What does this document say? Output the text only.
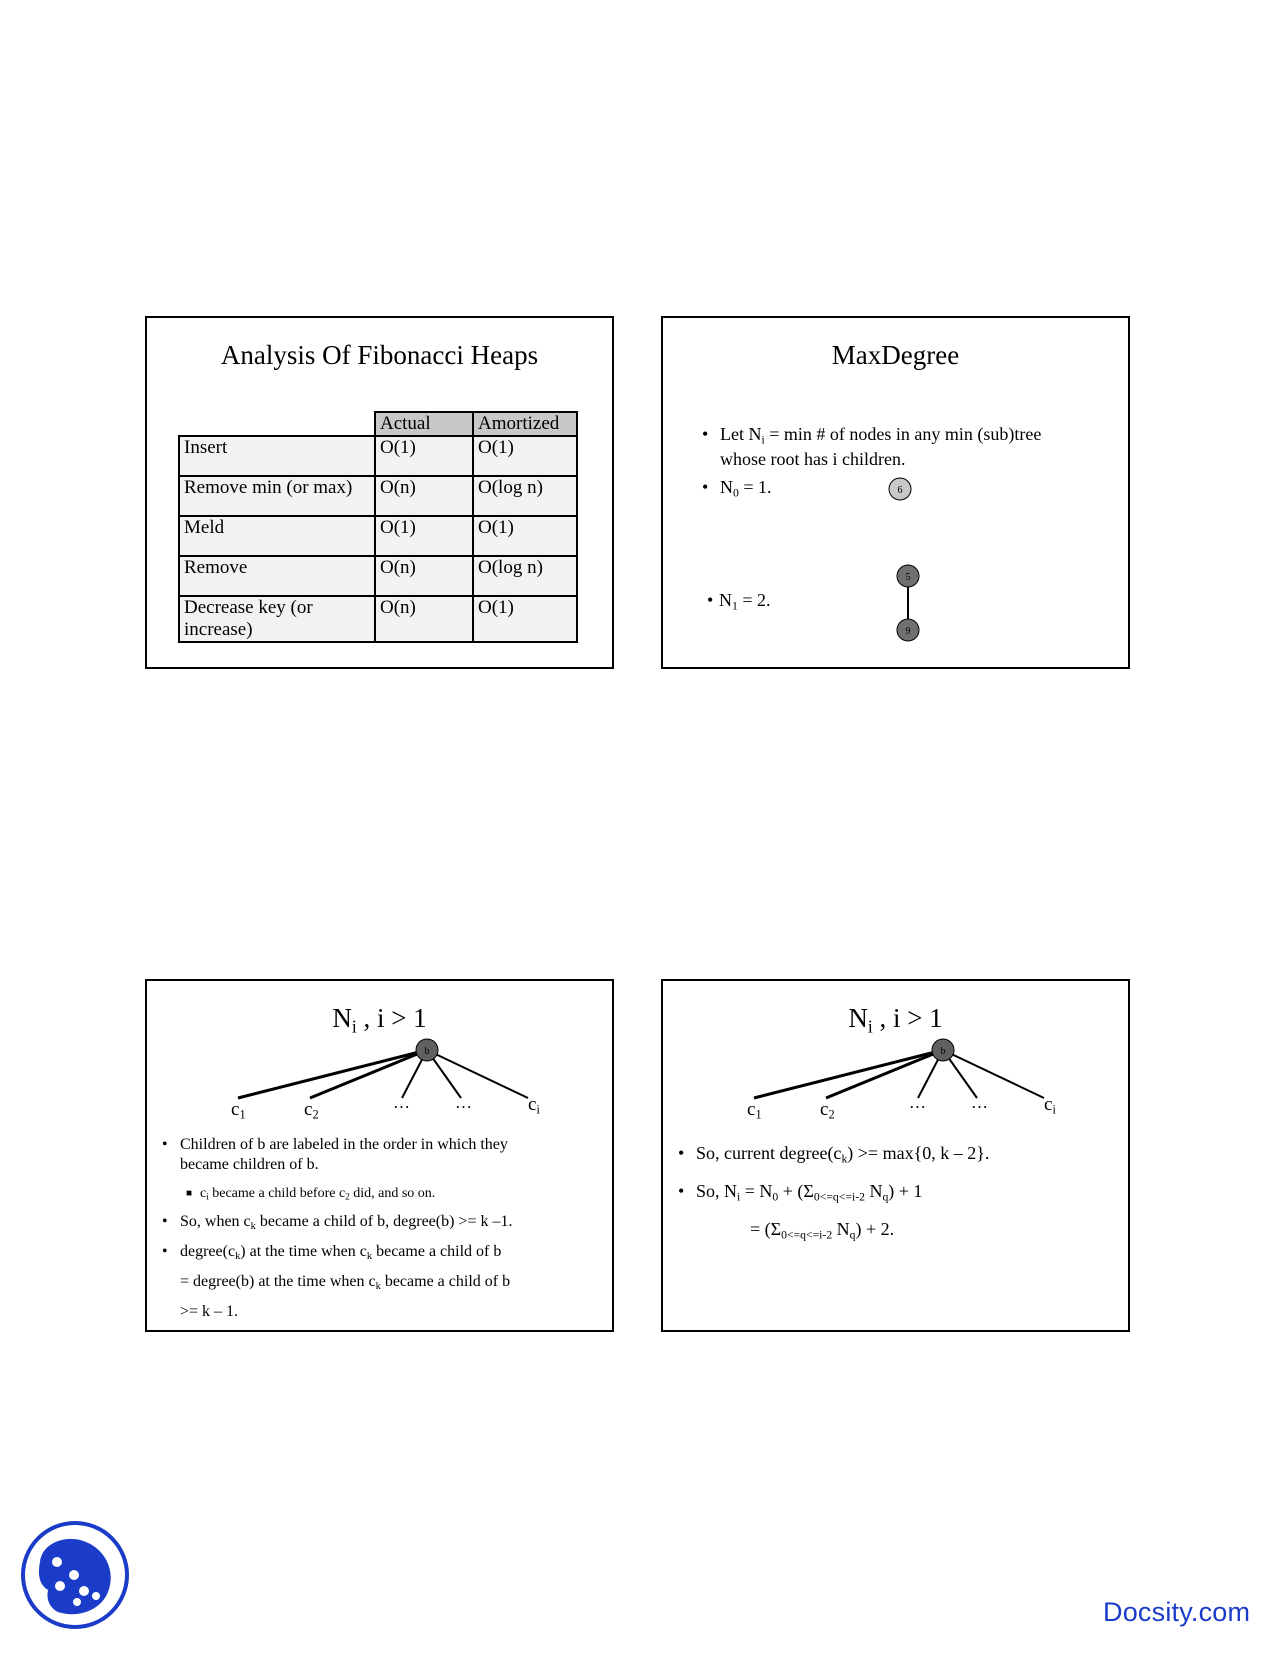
Analysis Of Fibonacci Heaps
	Actual	Amortized
Insert	O(1)	O(1)
Remove min (or max)	O(n)	O(log n)
Meld	O(1)	O(1)
Remove	O(n)	O(log n)
Decrease key (or increase)	O(n)	O(1)
MaxDegree
• Let $N_i = \min$ # of nodes in any min (sub)tree
whose root has i children.
• $N_0 = 1$.
• $N_1 = 2$.
6
5
9
$N_i$ , i > 1
b
$c_1$	$c_2$
…	…	$c_i$
• Children of b are labeled in the order in which they
became children of b.
■ $c_i$ became a child before $c_2$ did, and so on.
• So, when $c_k$ became a child of b, degree(b) >= k –1.
• $degree(c_k)$ at the time when $c_k$ became a child of b
= degree(b) at the time when $c_k$ became a child of b
>= k – 1.
$N_i$ , i > 1
b
$c_1$	$c_2$
…	…	$c_i$
• So, current $degree(c_k) >= \max\{0$, k – 2}.
• So, $N_i = N_0 + (\Sigma_{0<=q<=i-2}$ $N_q) + 1$
= ($\Sigma_{0<=q<=i-2}$ $N_q) + 2$.
Docsity.com
